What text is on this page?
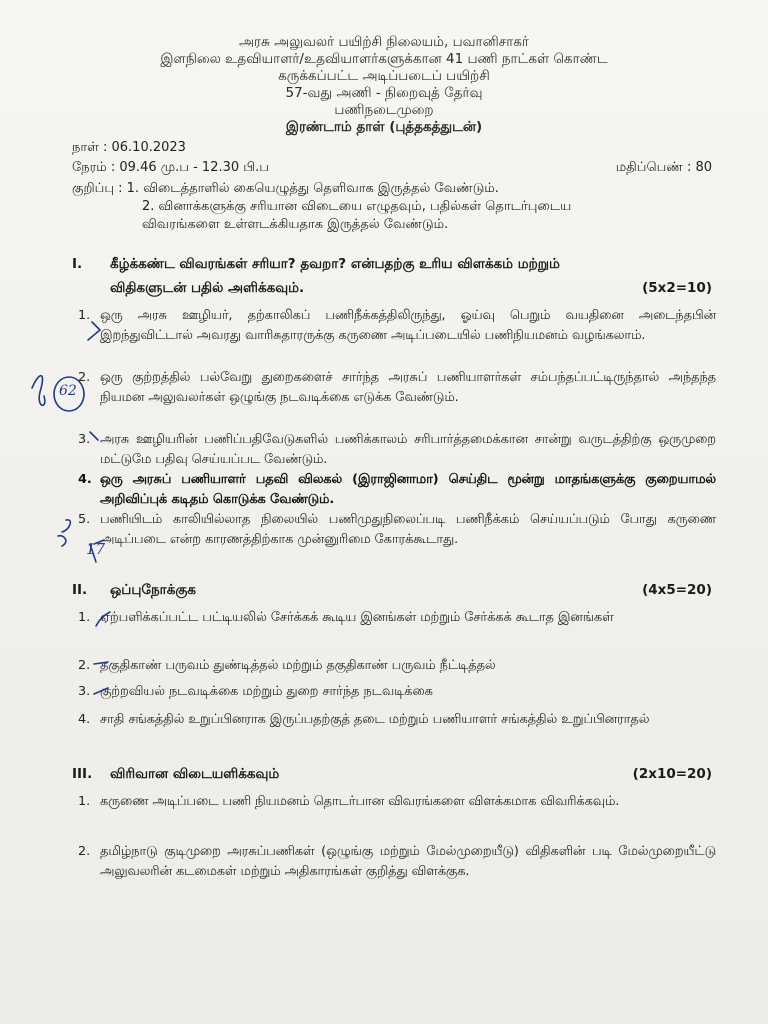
அரசு அலுவலர் பயிற்சி நிலையம், பவானிசாகர்
இளநிலை உதவியாளர்/உதவியாளர்களுக்கான 41 பணி நாட்கள் கொண்ட
கருக்கப்பட்ட அடிப்படைப் பயிற்சி
57-வது அணி - நிறைவுத் தேர்வு
பணிநடைமுறை
இரண்டாம் தாள் (புத்தகத்துடன்)
நாள் : 06.10.2023
நேரம் : 09.46 மு.ப - 12.30 பி.ப	மதிப்பெண் : 80
குறிப்பு : 1. விடைத்தாளில் கையெழுத்து தெளிவாக இருத்தல் வேண்டும்.
2. வினாக்களுக்கு சரியான விடையை எழுதவும், பதில்கள் தொடர்புடைய
விவரங்களை உள்ளடக்கியதாக இருத்தல் வேண்டும்.
I. கீழ்க்கண்ட விவரங்கள் சரியா? தவறா? என்பதற்கு உரிய விளக்கம் மற்றும்
விதிகளுடன் பதில் அளிக்கவும்.	(5x2=10)
1. ஒரு அரசு ஊழியர், தற்காலிகப் பணிநீக்கத்திலிருந்து, ஓய்வு பெறும் வயதினை அடைந்தபின் இறந்துவிட்டால் அவரது வாரிசுதாரருக்கு கருணை அடிப்படையில் பணிநியமனம் வழங்கலாம்.
2. ஒரு குற்றத்தில் பல்வேறு துறைகளைச் சார்ந்த அரசுப் பணியாளர்கள் சம்பந்தப்பட்டிருந்தால் அந்தந்த நியமன அலுவலர்கள் ஒழுங்கு நடவடிக்கை எடுக்க வேண்டும்.
3. அரசு ஊழியரின் பணிப்பதிவேடுகளில் பணிக்காலம் சரிபார்த்தமைக்கான சான்று வருடத்திற்கு ஒருமுறை மட்டுமே பதிவு செய்யப்பட வேண்டும்.
4. ஒரு அரசுப் பணியாளர் பதவி விலகல் (இராஜினாமா) செய்திட மூன்று மாதங்களுக்கு குறையாமல் அறிவிப்புக் கடிதம் கொடுக்க வேண்டும்.
5. பணியிடம் காலியில்லாத நிலையில் பணிமுதுநிலைப்படி பணிநீக்கம் செய்யப்படும் போது கருணை அடிப்படை என்ற காரணத்திற்காக முன்னுரிமை கோரக்கூடாது.
II. ஒப்புநோக்குக	(4x5=20)
1. ஏற்பளிக்கப்பட்ட பட்டியலில் சேர்க்கக் கூடிய இனங்கள் மற்றும் சேர்க்கக் கூடாத இனங்கள்
2. தகுதிகாண் பருவம் துண்டித்தல் மற்றும் தகுதிகாண் பருவம் நீட்டித்தல்
3. குற்றவியல் நடவடிக்கை மற்றும் துறை சார்ந்த நடவடிக்கை
4. சாதி சங்கத்தில் உறுப்பினராக இருப்பதற்குத் தடை மற்றும் பணியாளர் சங்கத்தில் உறுப்பினராதல்
III. விரிவான விடையளிக்கவும்	(2x10=20)
1. கருணை அடிப்படை பணி நியமனம் தொடர்பான விவரங்களை விளக்கமாக விவரிக்கவும்.
2. தமிழ்நாடு குடிமுறை அரசுப்பணிகள் (ஒழுங்கு மற்றும் மேல்முறையீடு) விதிகளின் படி மேல்முறையீட்டு அலுவலரின் கடமைகள் மற்றும் அதிகாரங்கள் குறித்து விளக்குக.
62
17
